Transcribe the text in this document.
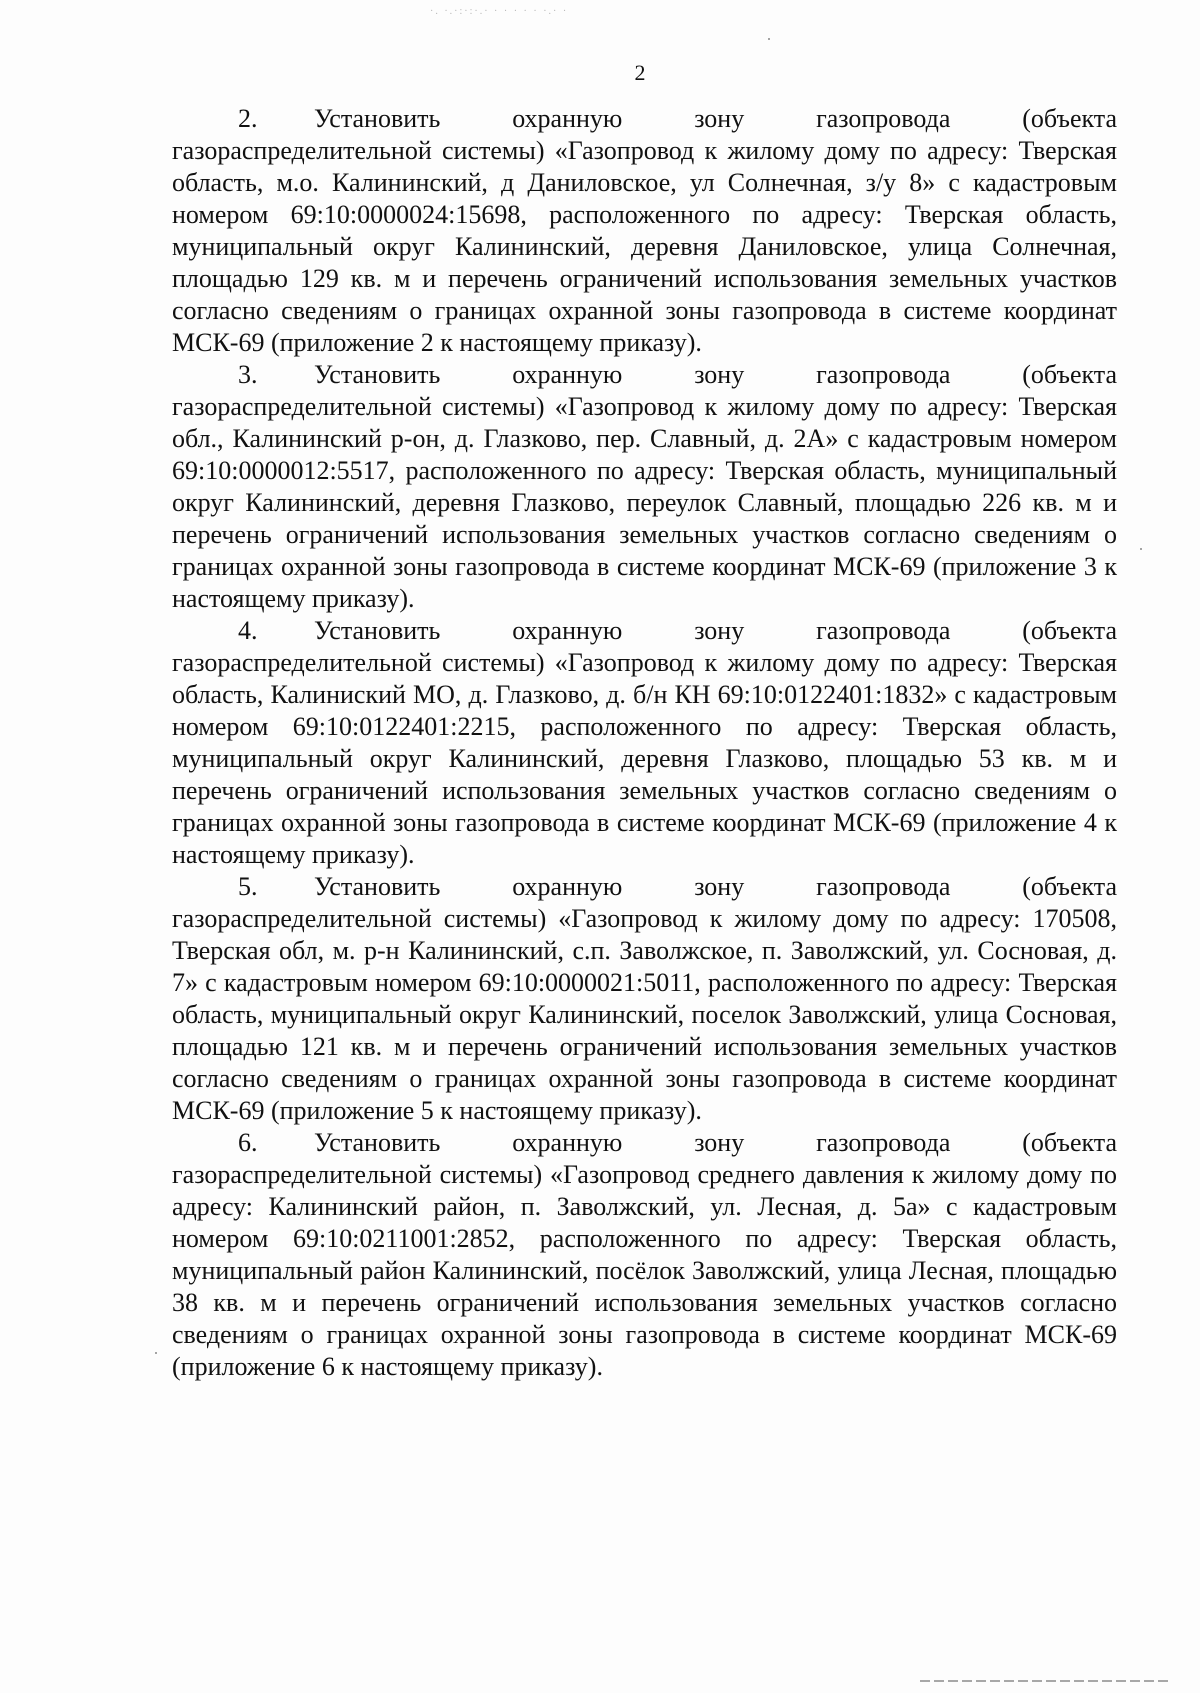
·. ·.·:·:·.· · · · · · ·.· ·
2

2. Установить охранную зону газопровода (объекта газораспределительной системы) «Газопровод к жилому дому по адресу: Тверская область, м.о. Калининский, д Даниловское, ул Солнечная, з/у 8» с кадастровым номером 69:10:0000024:15698, расположенного по адресу: Тверская область, муниципальный округ Калининский, деревня Даниловское, улица Солнечная, площадью 129 кв. м и перечень ограничений использования земельных участков согласно сведениям о границах охранной зоны газопровода в системе координат МСК-69 (приложение 2 к настоящему приказу).

3. Установить охранную зону газопровода (объекта газораспределительной системы) «Газопровод к жилому дому по адресу: Тверская обл., Калининский р-он, д. Глазково, пер. Славный, д. 2А» с кадастровым номером 69:10:0000012:5517, расположенного по адресу: Тверская область, муниципальный округ Калининский, деревня Глазково, переулок Славный, площадью 226 кв. м и перечень ограничений использования земельных участков согласно сведениям о границах охранной зоны газопровода в системе координат МСК-69 (приложение 3 к настоящему приказу).

4. Установить охранную зону газопровода (объекта газораспределительной системы) «Газопровод к жилому дому по адресу: Тверская область, Калиниский МО, д. Глазково, д. б/н КН 69:10:0122401:1832» с кадастровым номером 69:10:0122401:2215, расположенного по адресу: Тверская область, муниципальный округ Калининский, деревня Глазково, площадью 53 кв. м и перечень ограничений использования земельных участков согласно сведениям о границах охранной зоны газопровода в системе координат МСК-69 (приложение 4 к настоящему приказу).

5. Установить охранную зону газопровода (объекта газораспределительной системы) «Газопровод к жилому дому по адресу: 170508, Тверская обл, м. р-н Калининский, с.п. Заволжское, п. Заволжский, ул. Сосновая, д. 7» с кадастровым номером 69:10:0000021:5011, расположенного по адресу: Тверская область, муниципальный округ Калининский, поселок Заволжский, улица Сосновая, площадью 121 кв. м и перечень ограничений использования земельных участков согласно сведениям о границах охранной зоны газопровода в системе координат МСК-69 (приложение 5 к настоящему приказу).

6. Установить охранную зону газопровода (объекта газораспределительной системы) «Газопровод среднего давления к жилому дому по адресу: Калининский район, п. Заволжский, ул. Лесная, д. 5а» с кадастровым номером 69:10:0211001:2852, расположенного по адресу: Тверская область, муниципальный район Калининский, посёлок Заволжский, улица Лесная, площадью 38 кв. м и перечень ограничений использования земельных участков согласно сведениям о границах охранной зоны газопровода в системе координат МСК-69 (приложение 6 к настоящему приказу).
